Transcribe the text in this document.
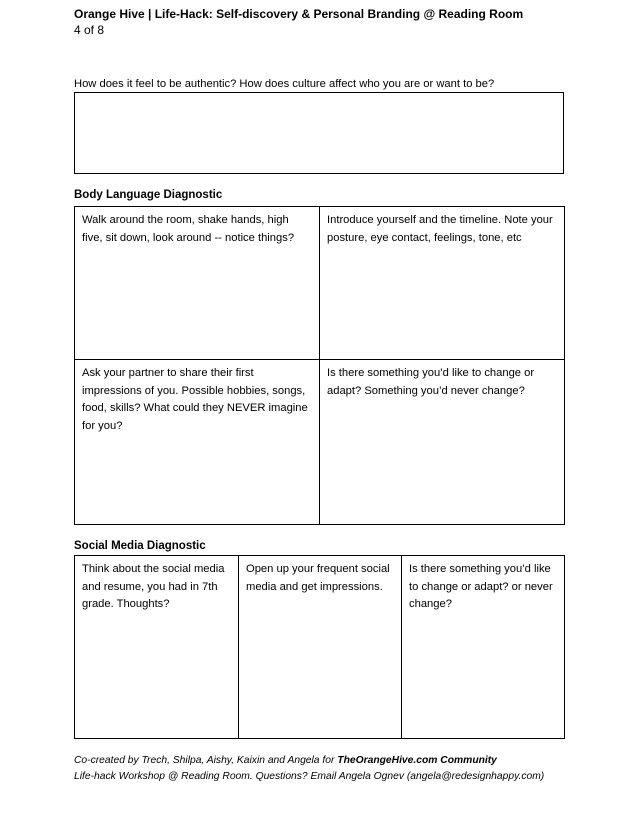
Orange Hive | Life-Hack: Self-discovery & Personal Branding @ Reading Room
4 of 8
How does it feel to be authentic? How does culture affect who you are or want to be?
Body Language Diagnostic
Walk around the room, shake hands, high five, sit down, look around -- notice things?	Introduce yourself and the timeline. Note your posture, eye contact, feelings, tone, etc
Ask your partner to share their first impressions of you. Possible hobbies, songs, food, skills? What could they NEVER imagine for you?	Is there something you’d like to change or adapt? Something you’d never change?
Social Media Diagnostic
Think about the social media and resume, you had in 7th grade. Thoughts?	Open up your frequent social media and get impressions.	Is there something you’d like to change or adapt? or never change?
Co-created by Trech, Shilpa, Aishy, Kaixin and Angela for TheOrangeHive.com Community
Life-hack Workshop @ Reading Room. Questions? Email Angela Ognev (angela@redesignhappy.com)
